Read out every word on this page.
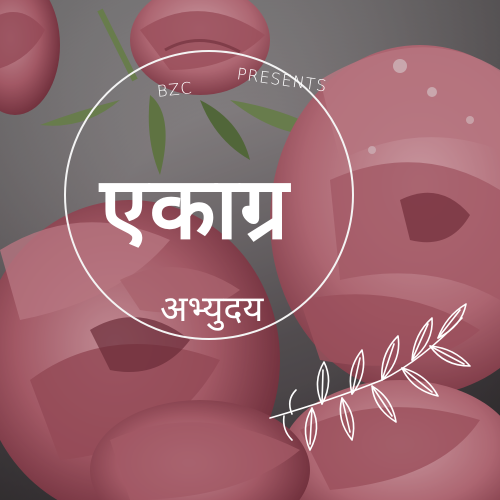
BZC	PRESENTS
एकाग्र
अभ्युदय
